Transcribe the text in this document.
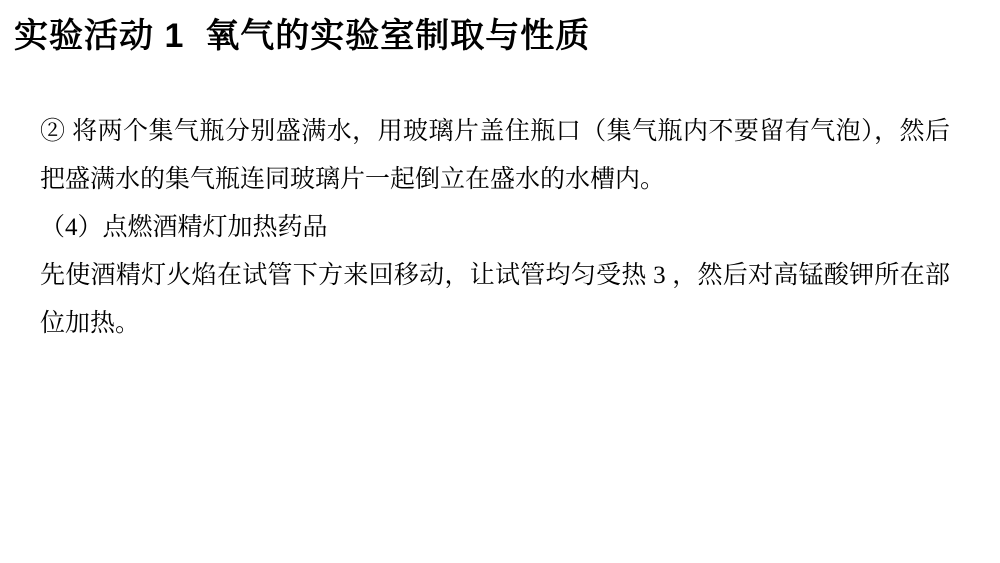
实验活动 1  氧气的实验室制取与性质

② 将两个集气瓶分别盛满水，用玻璃片盖住瓶口（集气瓶内不要留有气泡），然后把盛满水的集气瓶连同玻璃片一起倒立在盛水的水槽内。

（4）点燃酒精灯加热药品

先使酒精灯火焰在试管下方来回移动，让试管均匀受热 3 ，然后对高锰酸钾所在部位加热。
